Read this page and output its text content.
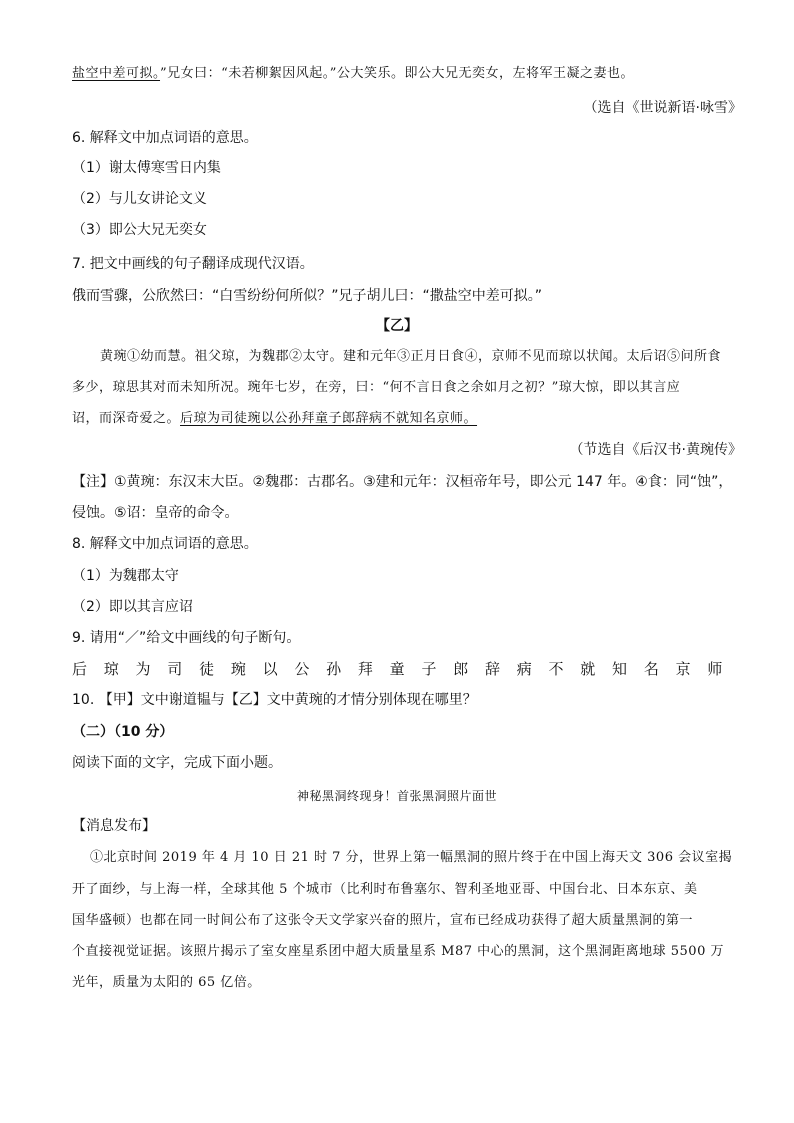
盐空中差可拟。”兄女曰：“未若柳絮因风起。”公大笑乐。即公大兄无奕女，左将军王凝之妻也。
（选自《世说新语·咏雪》
6. 解释文中加点词语的意思。
（1）谢太傅寒雪日内集
（2）与儿女讲论文义
（3）即公大兄无奕女
7. 把文中画线的句子翻译成现代汉语。
俄而雪骤，公欣然曰：“白雪纷纷何所似？”兄子胡儿曰：“撒盐空中差可拟。”
【乙】
黄琬①幼而慧。祖父琼，为魏郡②太守。建和元年③正月日食④，京师不见而琼以状闻。太后诏⑤问所食
多少，琼思其对而未知所况。琬年七岁，在旁，曰：“何不言日食之余如月之初？”琼大惊，即以其言应
诏，而深奇爱之。后琼为司徒琬以公孙拜童子郎辞病不就知名京师。
（节选自《后汉书·黄琬传》
【注】①黄琬：东汉末大臣。②魏郡：古郡名。③建和元年：汉桓帝年号，即公元 147 年。④食：同“蚀”，
侵蚀。⑤诏：皇帝的命令。
8. 解释文中加点词语的意思。
（1）为魏郡太守
（2）即以其言应诏
9. 请用“／”给文中画线的句子断句。
后 琼 为 司 徒 琬 以 公 孙 拜 童 子 郎 辞 病 不 就 知 名 京 师
10. 【甲】文中谢道韫与【乙】文中黄琬的才情分别体现在哪里？
（二）（10 分）
阅读下面的文字，完成下面小题。
神秘黑洞终现身！首张黑洞照片面世
【消息发布】
①北京时间 2019 年 4 月 10 日 21 时 7 分，世界上第一幅黑洞的照片终于在中国上海天文 306 会议室揭
开了面纱，与上海一样，全球其他 5 个城市（比利时布鲁塞尔、智利圣地亚哥、中国台北、日本东京、美
国华盛顿）也都在同一时间公布了这张令天文学家兴奋的照片，宣布已经成功获得了超大质量黑洞的第一
个直接视觉证据。该照片揭示了室女座星系团中超大质量星系 M87 中心的黑洞，这个黑洞距离地球 5500 万
光年，质量为太阳的 65 亿倍。
